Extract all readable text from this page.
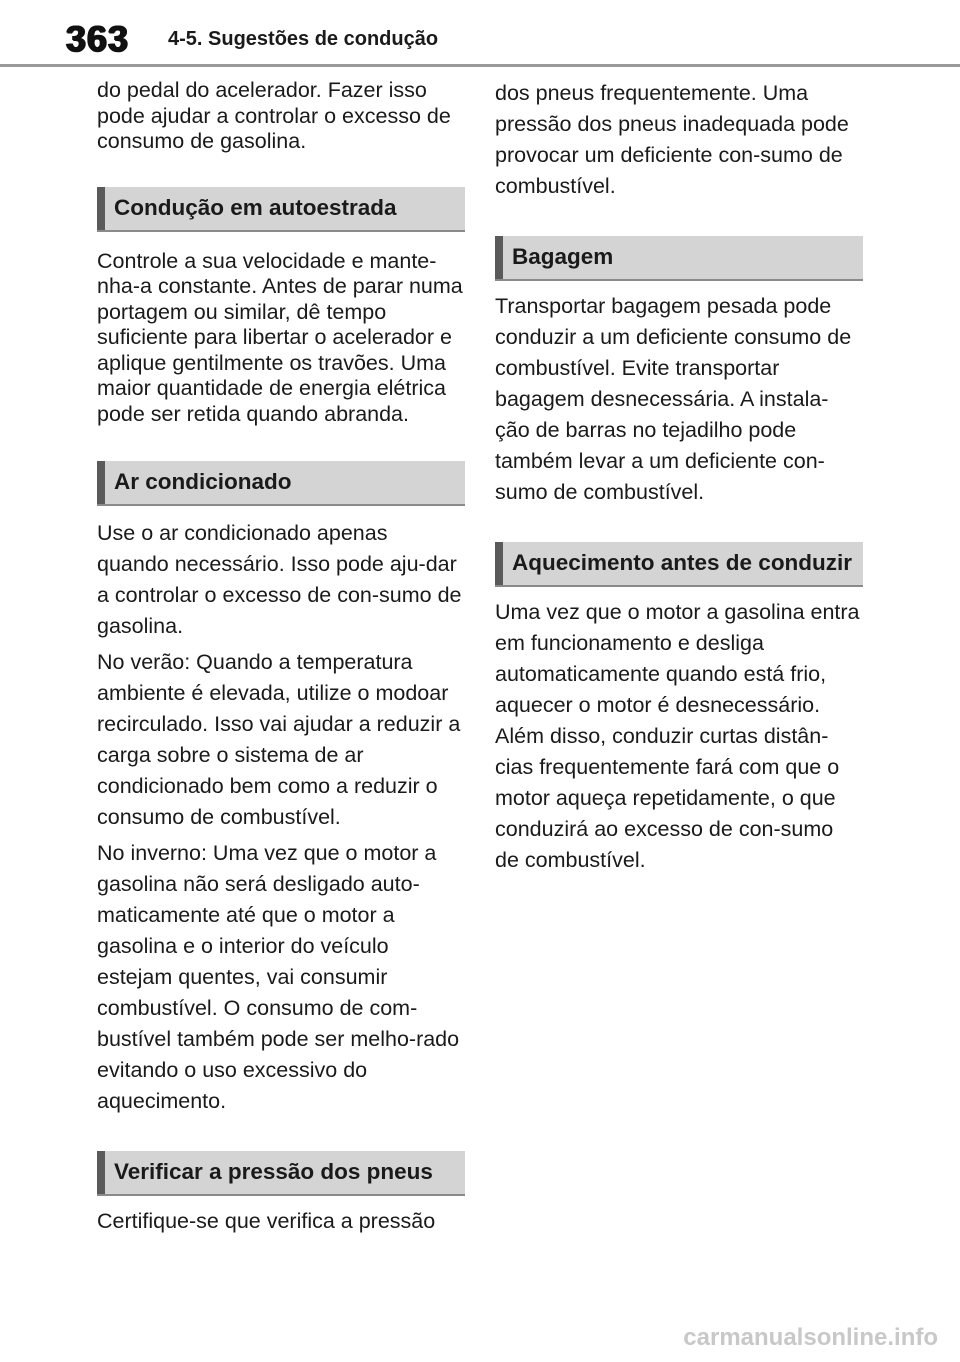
363 4-5. Sugestões de condução

do pedal do acelerador. Fazer isso pode ajudar a controlar o excesso de consumo de gasolina.

Condução em autoestrada

Controle a sua velocidade e mante-nha-a constante. Antes de parar numa portagem ou similar, dê tempo suficiente para libertar o acelerador e aplique gentilmente os travões. Uma maior quantidade de energia elétrica pode ser retida quando abranda.

Ar condicionado

Use o ar condicionado apenas quando necessário. Isso pode aju-dar a controlar o excesso de con-sumo de gasolina.

No verão: Quando a temperatura ambiente é elevada, utilize o modoar recirculado. Isso vai ajudar a reduzir a carga sobre o sistema de ar condicionado bem como a reduzir o consumo de combustível.

No inverno: Uma vez que o motor a gasolina não será desligado auto-maticamente até que o motor a gasolina e o interior do veículo estejam quentes, vai consumir combustível. O consumo de com-bustível também pode ser melho-rado evitando o uso excessivo do aquecimento.

Verificar a pressão dos pneus

Certifique-se que verifica a pressão

dos pneus frequentemente. Uma pressão dos pneus inadequada pode provocar um deficiente con-sumo de combustível.

Bagagem

Transportar bagagem pesada pode conduzir a um deficiente consumo de combustível. Evite transportar bagagem desnecessária. A instala-ção de barras no tejadilho pode também levar a um deficiente con-sumo de combustível.

Aquecimento antes de conduzir

Uma vez que o motor a gasolina entra em funcionamento e desliga automaticamente quando está frio, aquecer o motor é desnecessário. Além disso, conduzir curtas distân-cias frequentemente fará com que o motor aqueça repetidamente, o que conduzirá ao excesso de con-sumo de combustível.

carmanualsonline.info
